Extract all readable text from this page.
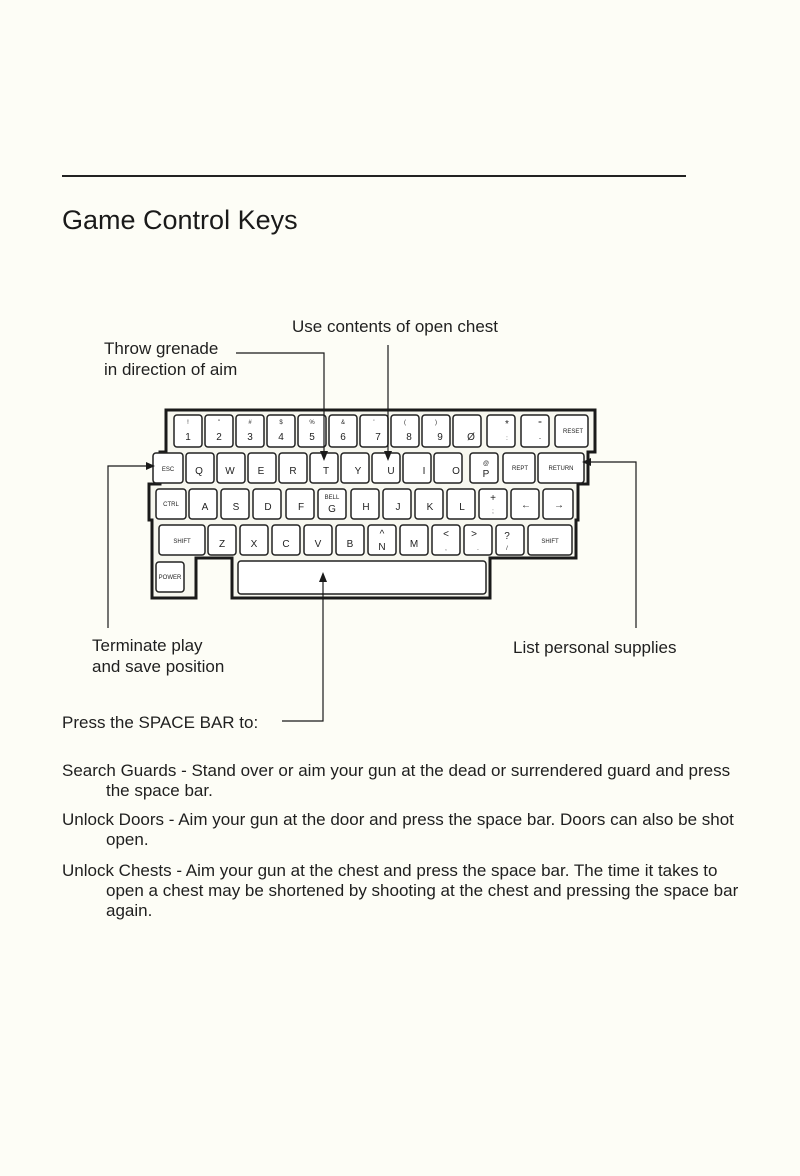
Game Control Keys
!
1
"
2
#
3
$
4
%
5
&
6
'
7
(
8
)
9 Ø
*
:
=
-
RESET
ESC Q W E	R	T	Y	U	I	O
@
P	REPT	RETURN
CTRL A S	D	F
BELL
G	H	J	K	L
+
;
← →
SHIFT	Z	X	C	V	B
^
N M
<
,
>
.
?
/
SHIFT
POWER
Use contents of open chest
Throw grenade
in direction of aim
Terminate play
and save position
List personal supplies
Press the SPACE BAR to:

Search Guards - Stand over or aim your gun at the dead or surrendered guard and press the space bar.

Unlock Doors - Aim your gun at the door and press the space bar. Doors can also be shot open.

Unlock Chests - Aim your gun at the chest and press the space bar. The time it takes to open a chest may be shortened by shooting at the chest and pressing the space bar again.
